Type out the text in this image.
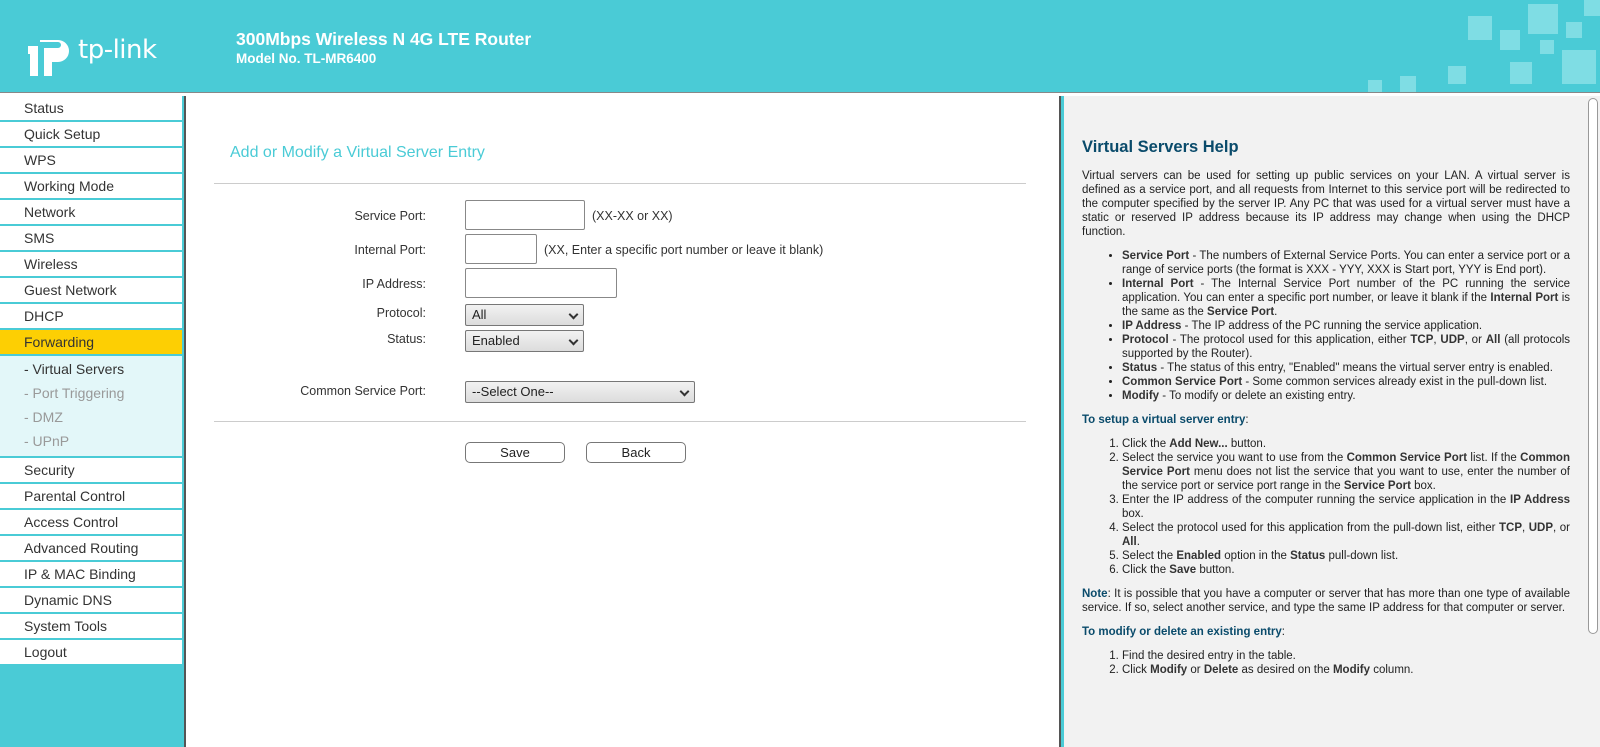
tp-link	300Mbps Wireless N 4G LTE Router
Model No. TL-MR6400
Status
Quick Setup
WPS
Working Mode
Network
SMS
Wireless
Guest Network
DHCP
Forwarding
- Virtual Servers
- Port Triggering
- DMZ
- UPnP
Security
Parental Control
Access Control
Advanced Routing
IP & MAC Binding
Dynamic DNS
System Tools
Logout
Add or Modify a Virtual Server Entry
Service Port:	(XX-XX or XX)
Internal Port:	(XX, Enter a specific port number or leave it blank)
IP Address:
Protocol:	All
Status:	Enabled
Common Service Port:	--Select One--
Save	Back
Virtual Servers Help

Virtual servers can be used for setting up public services on your LAN. A virtual server is defined as a service port, and all requests from Internet to this service port will be redirected to the computer specified by the server IP. Any PC that was used for a virtual server must have a static or reserved IP address because its IP address may change when using the DHCP function.

• Service Port - The numbers of External Service Ports. You can enter a service port or a range of service ports (the format is XXX - YYY, XXX is Start port, YYY is End port).
• Internal Port - The Internal Service Port number of the PC running the service application. You can enter a specific port number, or leave it blank if the Internal Port is the same as the Service Port.
• IP Address - The IP address of the PC running the service application.
• Protocol - The protocol used for this application, either TCP, UDP, or All (all protocols supported by the Router).
• Status - The status of this entry, "Enabled" means the virtual server entry is enabled.
• Common Service Port - Some common services already exist in the pull-down list.
• Modify - To modify or delete an existing entry.

To setup a virtual server entry:

1. Click the Add New... button.
2. Select the service you want to use from the Common Service Port list. If the Common Service Port menu does not list the service that you want to use, enter the number of the service port or service port range in the Service Port box.
3. Enter the IP address of the computer running the service application in the IP Address box.
4. Select the protocol used for this application from the pull-down list, either TCP, UDP, or All.
5. Select the Enabled option in the Status pull-down list.
6. Click the Save button.

Note: It is possible that you have a computer or server that has more than one type of available service. If so, select another service, and type the same IP address for that computer or server.

To modify or delete an existing entry:

1. Find the desired entry in the table.
2. Click Modify or Delete as desired on the Modify column.
